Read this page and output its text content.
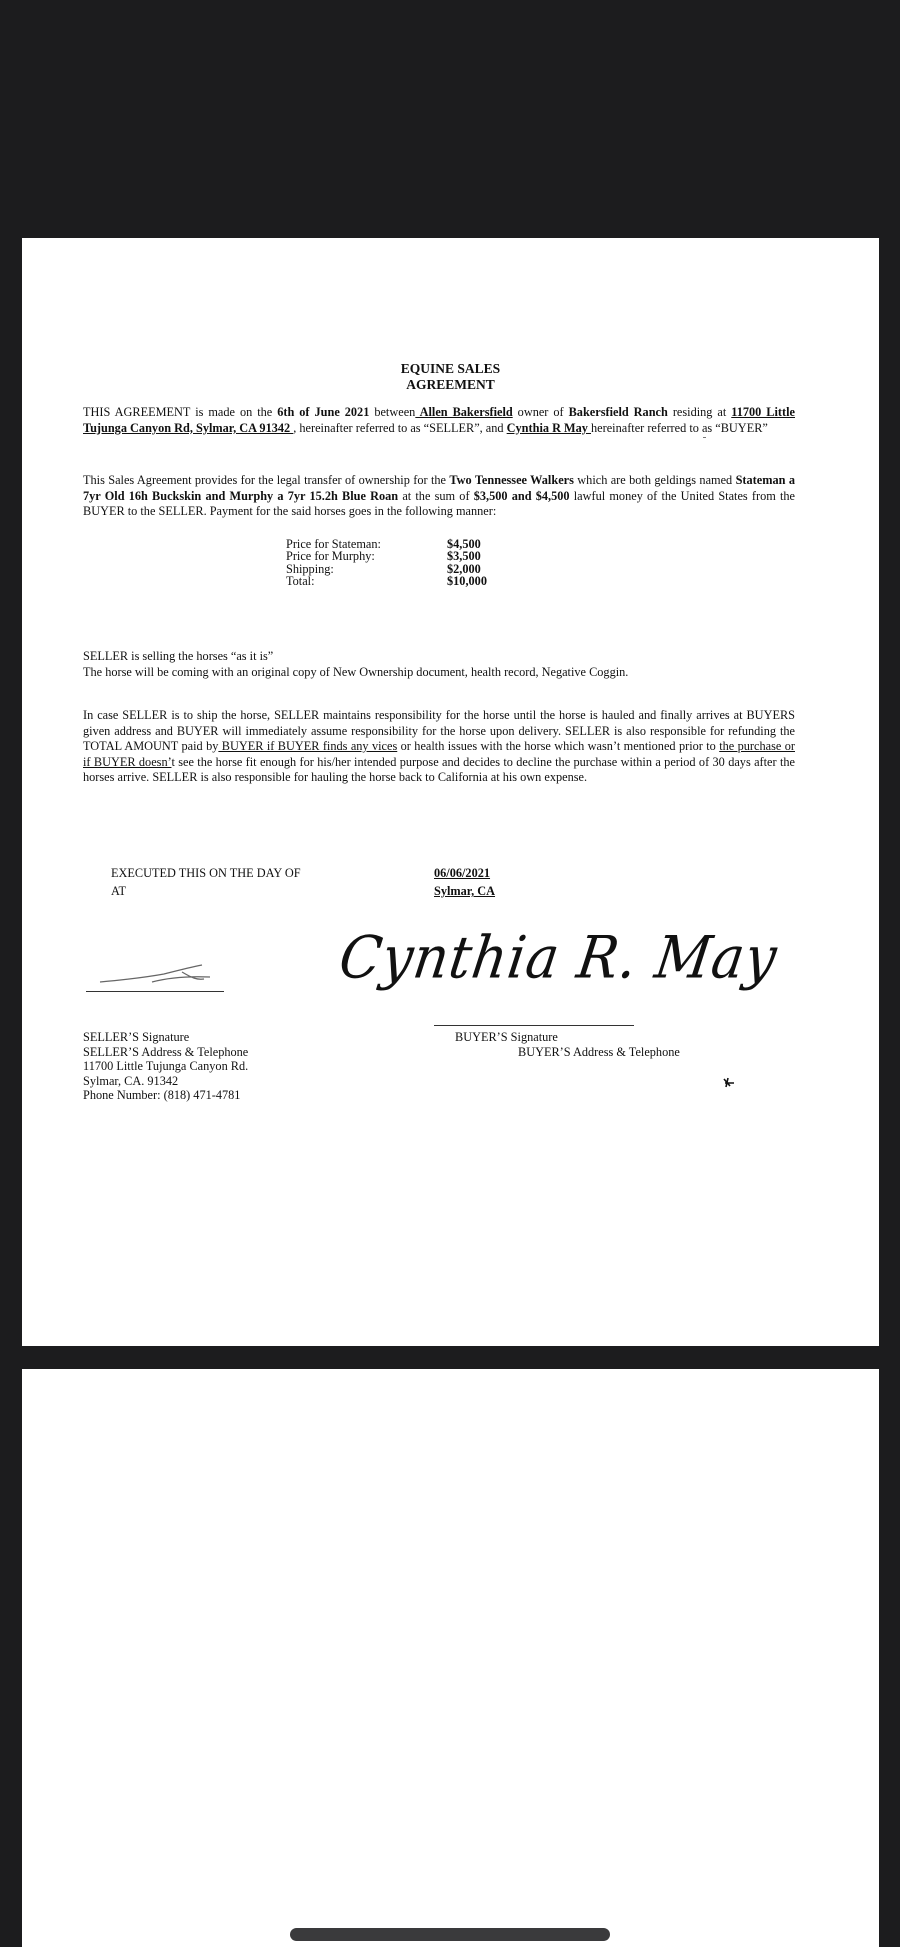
EQUINE SALES
AGREEMENT
THIS AGREEMENT is made on the 6th of June 2021 between Allen Bakersfield owner of Bakersfield Ranch residing at 11700 Little Tujunga Canyon Rd, Sylmar, CA 91342 , hereinafter referred to as “SELLER”, and Cynthia R May hereinafter referred to as “BUYER”
This Sales Agreement provides for the legal transfer of ownership for the Two Tennessee Walkers which are both geldings named Stateman a 7yr Old 16h Buckskin and Murphy a 7yr 15.2h Blue Roan at the sum of $3,500 and $4,500 lawful money of the United States from the BUYER to the SELLER. Payment for the said horses goes in the following manner:
Price for Stateman:
Price for Murphy:
Shipping:
Total:
$4,500
$3,500
$2,000
$10,000
SELLER is selling the horses “as it is”
The horse will be coming with an original copy of New Ownership document, health record, Negative Coggin.
In case SELLER is to ship the horse, SELLER maintains responsibility for the horse until the horse is hauled and finally arrives at BUYERS given address and BUYER will immediately assume responsibility for the horse upon delivery. SELLER is also responsible for refunding the TOTAL AMOUNT paid by BUYER if BUYER finds any vices or health issues with the horse which wasn’t mentioned prior to the purchase or if BUYER doesn’t see the horse fit enough for his/her intended purpose and decides to decline the purchase within a period of 30 days after the horses arrive. SELLER is also responsible for hauling the horse back to California at his own expense.
EXECUTED THIS ON THE DAY OF
AT
06/06/2021
Sylmar, CA
Cynthia R. May
SELLER’S Signature
SELLER’S Address & Telephone
11700 Little Tujunga Canyon Rd.
Sylmar, CA. 91342
Phone Number: (818) 471-4781
BUYER’S Signature
BUYER’S Address & Telephone
